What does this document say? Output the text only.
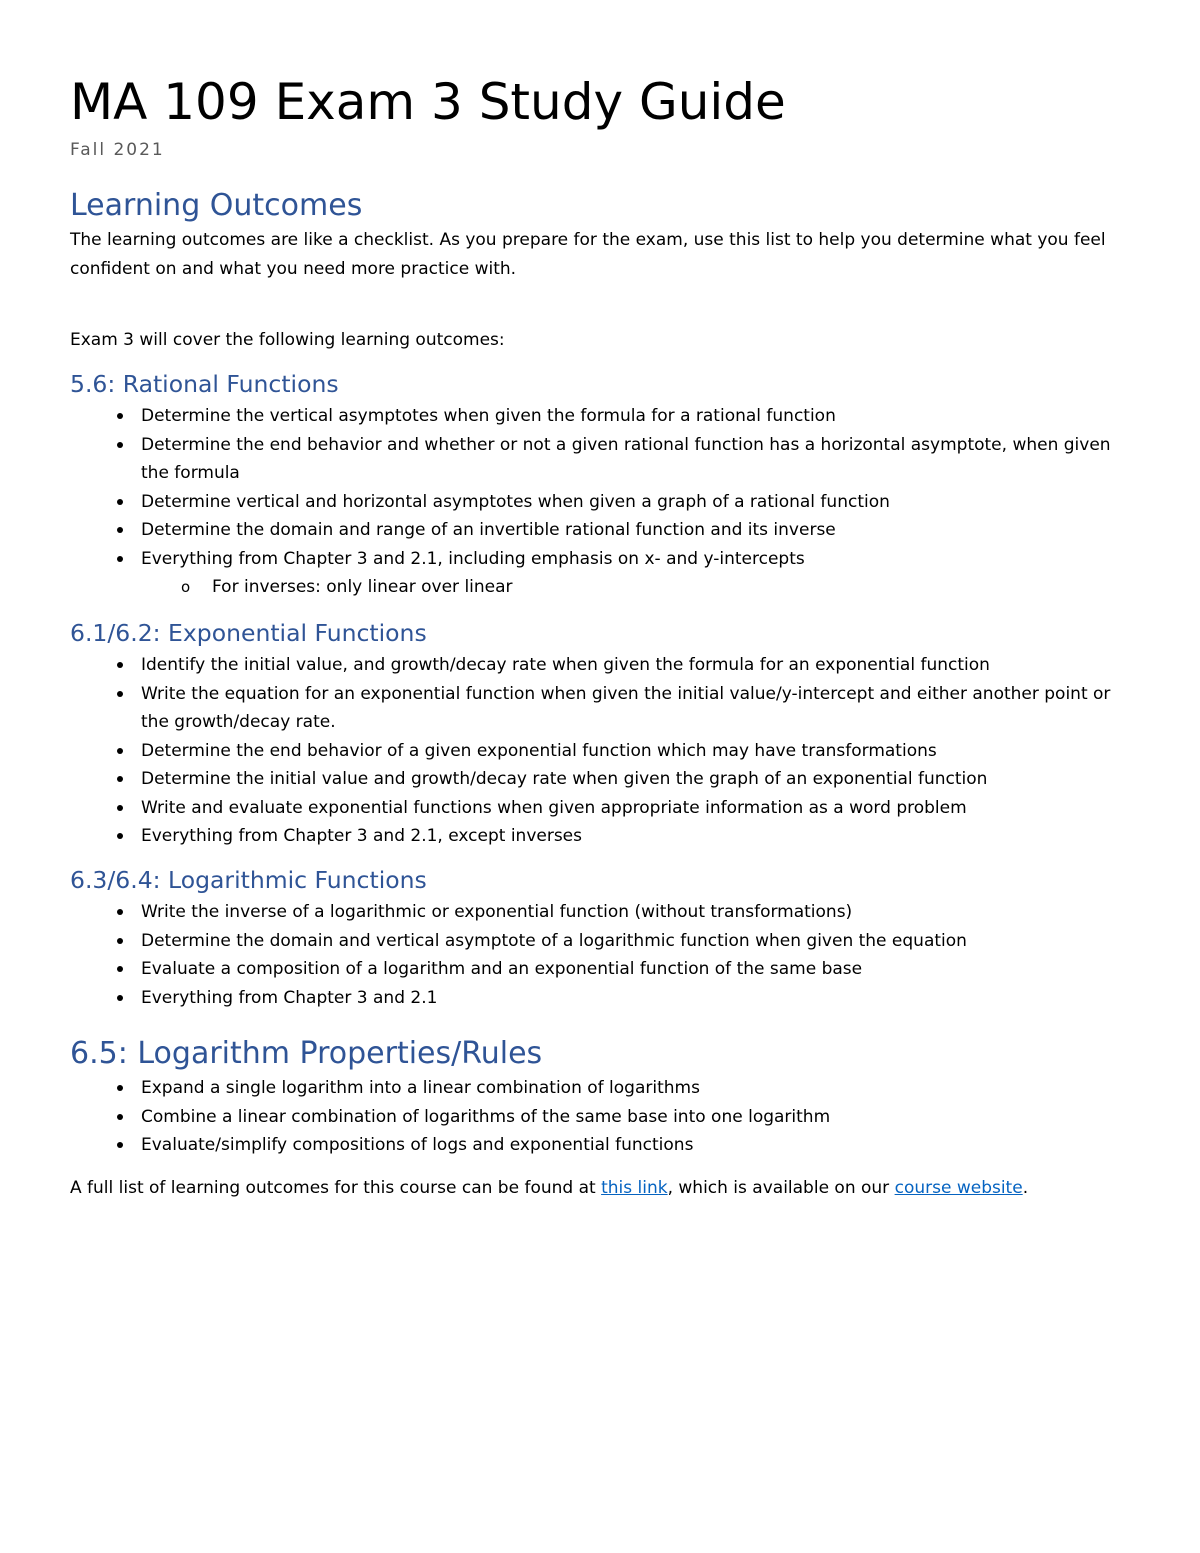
MA 109 Exam 3 Study Guide

Fall 2021

Learning Outcomes

The learning outcomes are like a checklist. As you prepare for the exam, use this list to help you determine what you feel confident on and what you need more practice with.

Exam 3 will cover the following learning outcomes:

5.6: Rational Functions
Determine the vertical asymptotes when given the formula for a rational function
Determine the end behavior and whether or not a given rational function has a horizontal asymptote, when given the formula
Determine vertical and horizontal asymptotes when given a graph of a rational function
Determine the domain and range of an invertible rational function and its inverse
Everything from Chapter 3 and 2.1, including emphasis on x- and y-intercepts
o For inverses: only linear over linear
6.1/6.2: Exponential Functions
Identify the initial value, and growth/decay rate when given the formula for an exponential function
Write the equation for an exponential function when given the initial value/y-intercept and either another point or the growth/decay rate.
Determine the end behavior of a given exponential function which may have transformations
Determine the initial value and growth/decay rate when given the graph of an exponential function
Write and evaluate exponential functions when given appropriate information as a word problem
Everything from Chapter 3 and 2.1, except inverses
6.3/6.4: Logarithmic Functions
Write the inverse of a logarithmic or exponential function (without transformations)
Determine the domain and vertical asymptote of a logarithmic function when given the equation
Evaluate a composition of a logarithm and an exponential function of the same base
Everything from Chapter 3 and 2.1
6.5: Logarithm Properties/Rules
Expand a single logarithm into a linear combination of logarithms
Combine a linear combination of logarithms of the same base into one logarithm
Evaluate/simplify compositions of logs and exponential functions

A full list of learning outcomes for this course can be found at this link, which is available on our course website.
